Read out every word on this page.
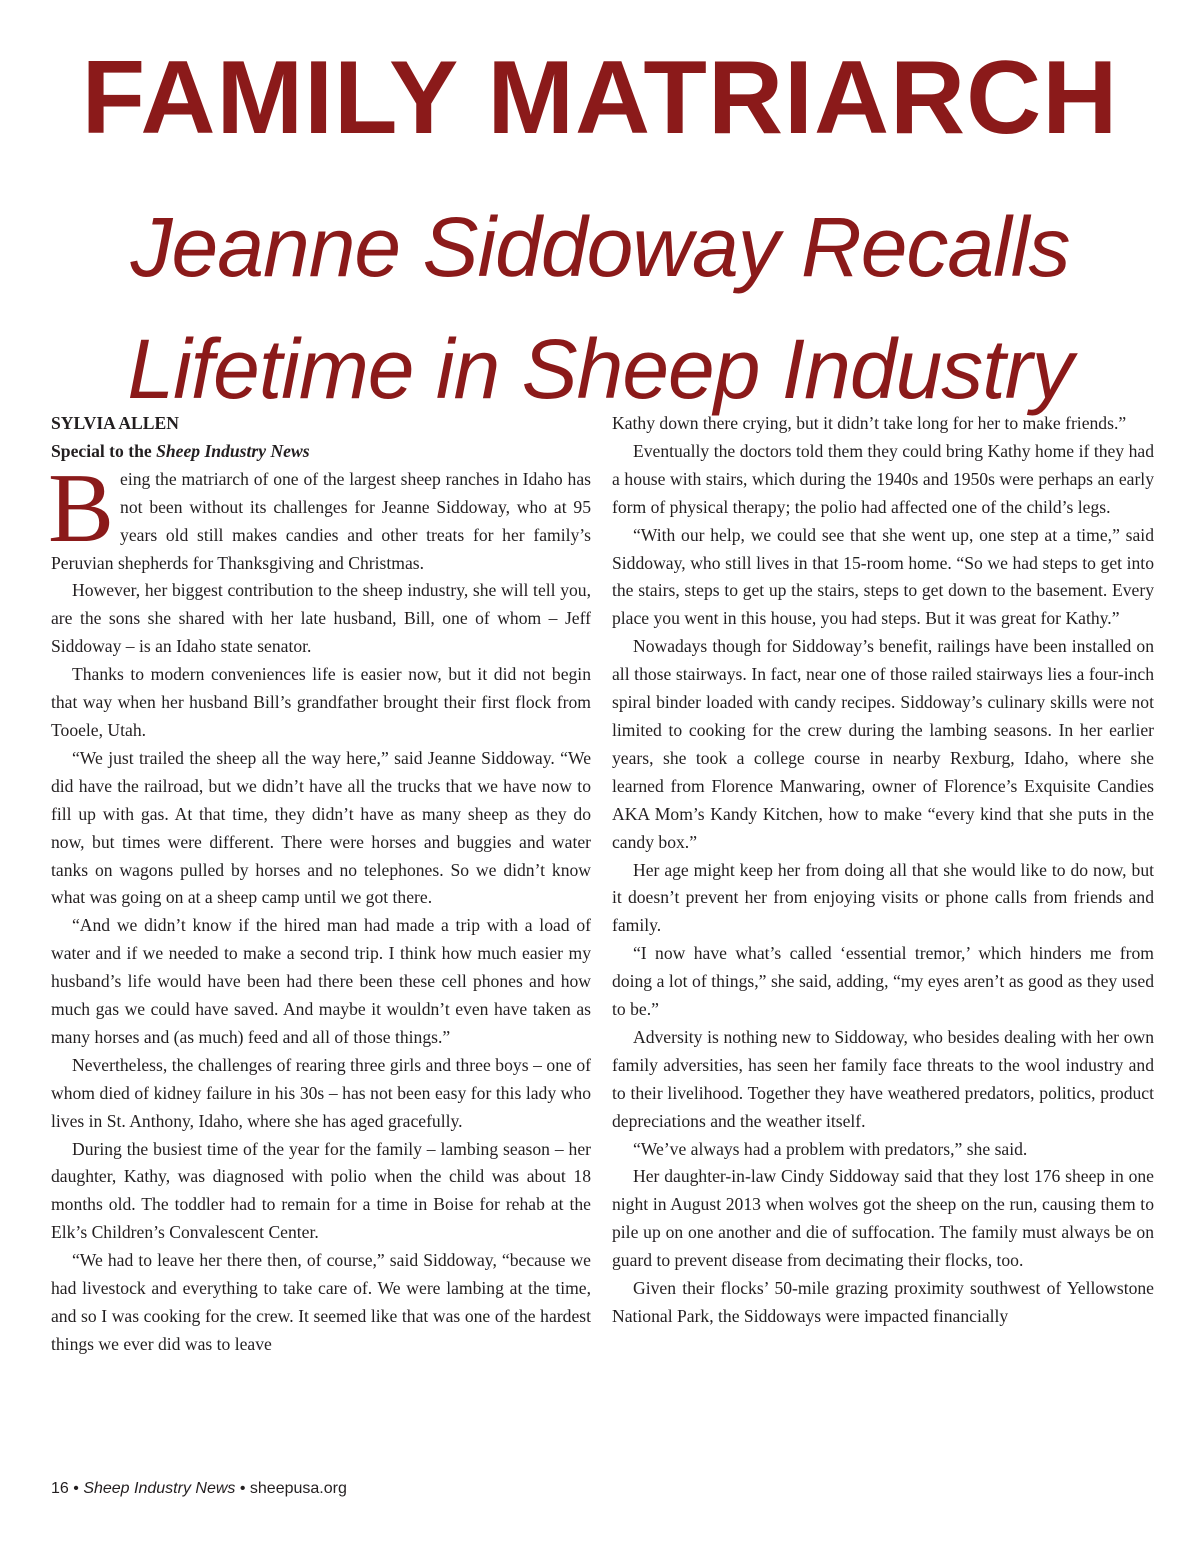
FAMILY MATRIARCH
Jeanne Siddoway Recalls
Lifetime in Sheep Industry

SYLVIA ALLEN

Special to the Sheep Industry News

Being the matriarch of one of the largest sheep ranches in Idaho has not been without its challenges for Jeanne Siddoway, who at 95 years old still makes candies and other treats for her family’s Peruvian shepherds for Thanksgiving and Christmas.

However, her biggest contribution to the sheep industry, she will tell you, are the sons she shared with her late husband, Bill, one of whom – Jeff Siddoway – is an Idaho state senator.

Thanks to modern conveniences life is easier now, but it did not begin that way when her husband Bill’s grandfather brought their first flock from Tooele, Utah.

“We just trailed the sheep all the way here,” said Jeanne Siddoway. “We did have the railroad, but we didn’t have all the trucks that we have now to fill up with gas. At that time, they didn’t have as many sheep as they do now, but times were different. There were horses and buggies and water tanks on wagons pulled by horses and no telephones. So we didn’t know what was going on at a sheep camp until we got there.

“And we didn’t know if the hired man had made a trip with a load of water and if we needed to make a second trip. I think how much easier my husband’s life would have been had there been these cell phones and how much gas we could have saved. And maybe it wouldn’t even have taken as many horses and (as much) feed and all of those things.”

Nevertheless, the challenges of rearing three girls and three boys – one of whom died of kidney failure in his 30s – has not been easy for this lady who lives in St. Anthony, Idaho, where she has aged gracefully.

During the busiest time of the year for the family – lambing season – her daughter, Kathy, was diagnosed with polio when the child was about 18 months old. The toddler had to remain for a time in Boise for rehab at the Elk’s Children’s Convalescent Center.

“We had to leave her there then, of course,” said Siddoway, “because we had livestock and everything to take care of. We were lambing at the time, and so I was cooking for the crew. It seemed like that was one of the hardest things we ever did was to leave

Kathy down there crying, but it didn’t take long for her to make friends.”

Eventually the doctors told them they could bring Kathy home if they had a house with stairs, which during the 1940s and 1950s were perhaps an early form of physical therapy; the polio had affected one of the child’s legs.

“With our help, we could see that she went up, one step at a time,” said Siddoway, who still lives in that 15-room home. “So we had steps to get into the stairs, steps to get up the stairs, steps to get down to the basement. Every place you went in this house, you had steps. But it was great for Kathy.”

Nowadays though for Siddoway’s benefit, railings have been installed on all those stairways. In fact, near one of those railed stairways lies a four-inch spiral binder loaded with candy recipes. Siddoway’s culinary skills were not limited to cooking for the crew during the lambing seasons. In her earlier years, she took a college course in nearby Rexburg, Idaho, where she learned from Florence Manwaring, owner of Florence’s Exquisite Candies AKA Mom’s Kandy Kitchen, how to make “every kind that she puts in the candy box.”

Her age might keep her from doing all that she would like to do now, but it doesn’t prevent her from enjoying visits or phone calls from friends and family.

“I now have what’s called ‘essential tremor,’ which hinders me from doing a lot of things,” she said, adding, “my eyes aren’t as good as they used to be.”

Adversity is nothing new to Siddoway, who besides dealing with her own family adversities, has seen her family face threats to the wool industry and to their livelihood. Together they have weathered predators, politics, product depreciations and the weather itself.

“We’ve always had a problem with predators,” she said.

Her daughter-in-law Cindy Siddoway said that they lost 176 sheep in one night in August 2013 when wolves got the sheep on the run, causing them to pile up on one another and die of suffocation. The family must always be on guard to prevent disease from decimating their flocks, too.

Given their flocks’ 50-mile grazing proximity southwest of Yellowstone National Park, the Siddoways were impacted financially

16 • Sheep Industry News • sheepusa.org
